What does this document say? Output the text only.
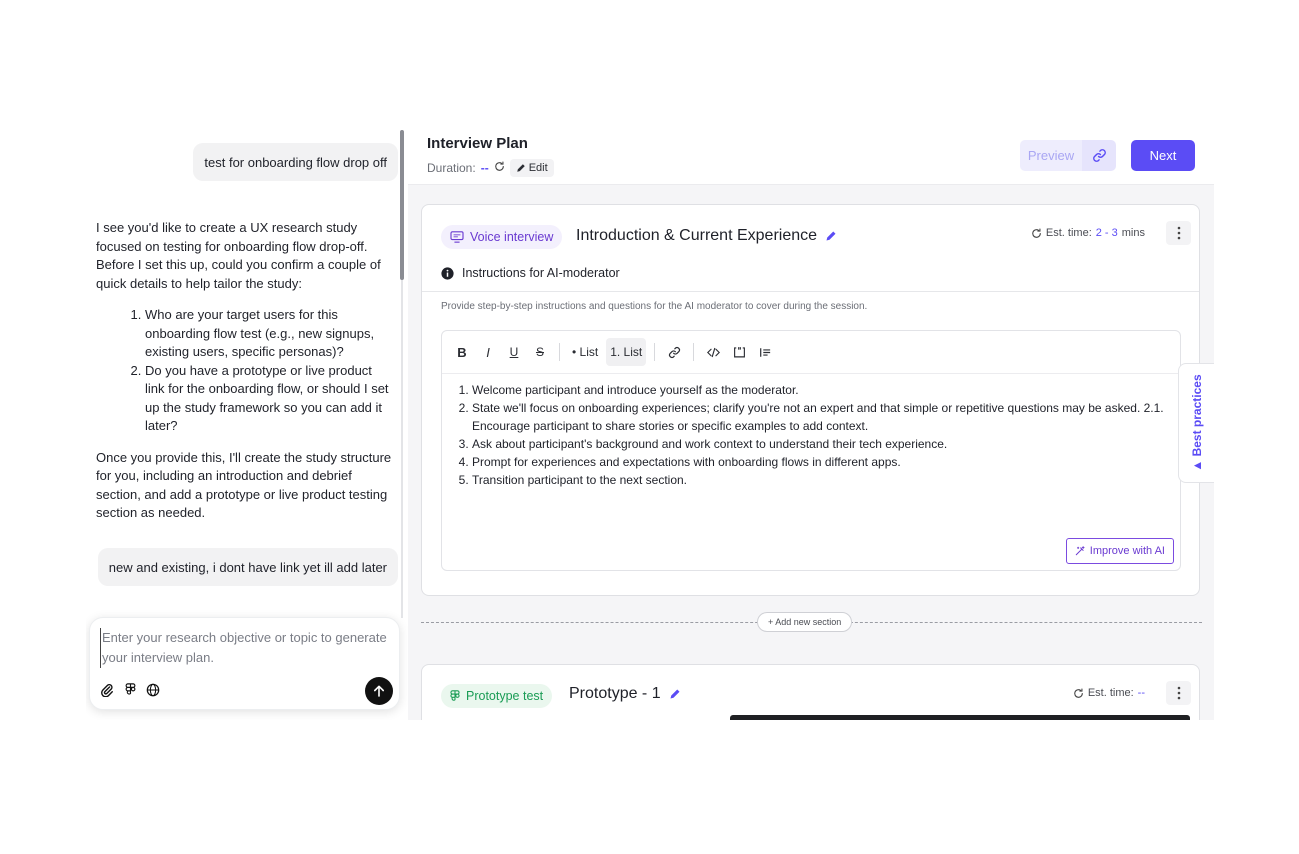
test for onboarding flow drop off

I see you'd like to create a UX research study focused on testing for onboarding flow drop-off. Before I set this up, could you confirm a couple of quick details to help tailor the study:

1. Who are your target users for this onboarding flow test (e.g., new signups, existing users, specific personas)?
2. Do you have a prototype or live product link for the onboarding flow, or should I set up the study framework so you can add it later?

Once you provide this, I'll create the study structure for you, including an introduction and debrief section, and add a prototype or live product testing section as needed.

new and existing, i dont have link yet ill add later
Enter your research objective or topic to generate your interview plan.
Interview Plan
Duration: --	Edit
Preview	Next
Voice interview Introduction & Current Experience	Est. time: 2 - 3 mins
Instructions for AI-moderator
Provide step-by-step instructions and questions for the AI moderator to cover during the session.
B	I	U	S	• List	1. List
1. Welcome participant and introduce yourself as the moderator.
2. State we'll focus on onboarding experiences; clarify you're not an expert and that simple or repetitive questions may be asked. 2.1. Encourage participant to share stories or specific examples to add context.
3. Ask about participant's background and work context to understand their tech experience.
4. Prompt for experiences and expectations with onboarding flows in different apps.
5. Transition participant to the next section.
Improve with AI
+ Add new section
Prototype test Prototype - 1	Est. time: --
▲ Best practices
